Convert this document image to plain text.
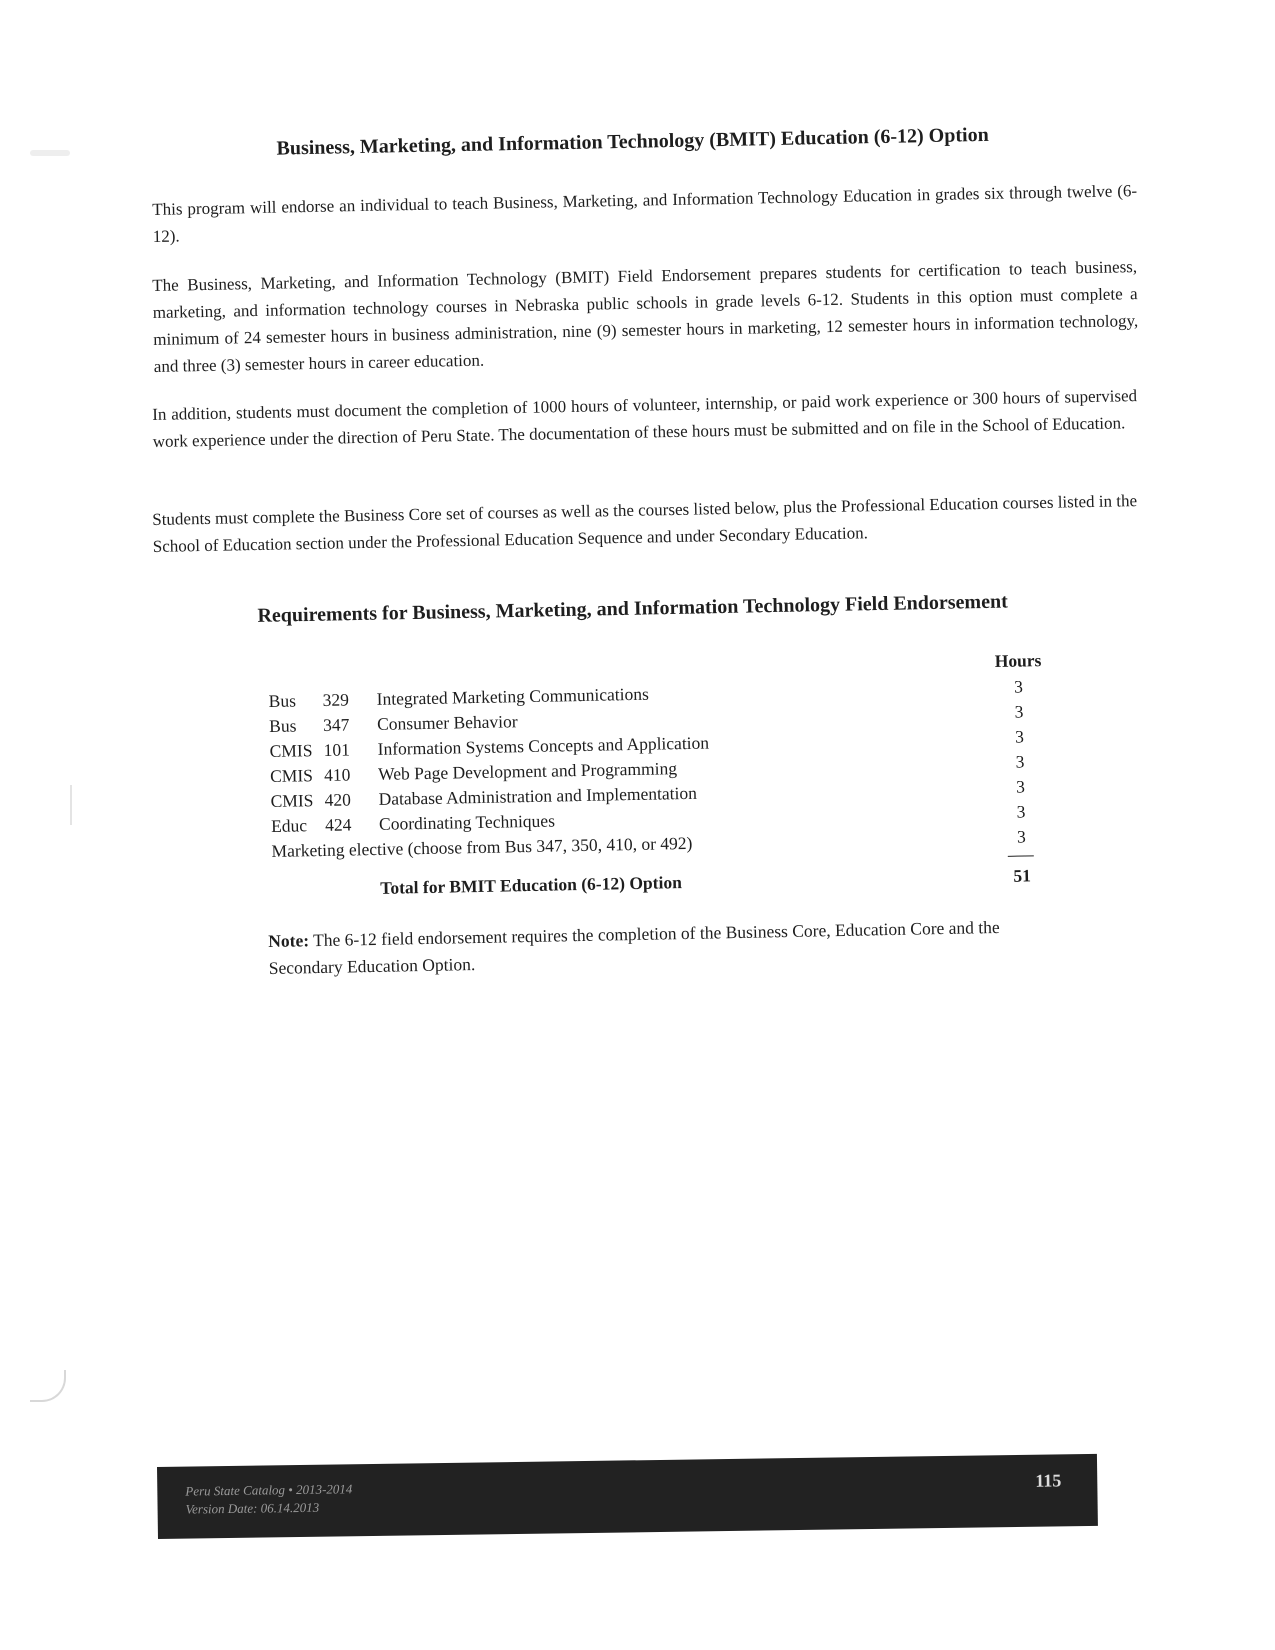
Business, Marketing, and Information Technology (BMIT) Education (6-12) Option

This program will endorse an individual to teach Business, Marketing, and Information Technology Education in grades six through twelve (6-12).

The Business, Marketing, and Information Technology (BMIT) Field Endorsement prepares students for certification to teach business, marketing, and information technology courses in Nebraska public schools in grade levels 6-12. Students in this option must complete a minimum of 24 semester hours in business administration, nine (9) semester hours in marketing, 12 semester hours in information technology, and three (3) semester hours in career education.

In addition, students must document the completion of 1000 hours of volunteer, internship, or paid work experience or 300 hours of supervised work experience under the direction of Peru State. The documentation of these hours must be submitted and on file in the School of Education.

Students must complete the Business Core set of courses as well as the courses listed below, plus the Professional Education courses listed in the School of Education section under the Professional Education Sequence and under Secondary Education.

Requirements for Business, Marketing, and Information Technology Field Endorsement
Hours
Bus	329	Integrated Marketing Communications	3
Bus	347	Consumer Behavior	3
CMIS 101	Information Systems Concepts and Application	3
CMIS 410	Web Page Development and Programming	3
CMIS 420	Database Administration and Implementation	3
Educ	424	Coordinating Techniques	3
Marketing elective (choose from Bus 347, 350, 410, or 492)	3
Total for BMIT Education (6-12) Option	51

Note: The 6-12 field endorsement requires the completion of the Business Core, Education Core and the Secondary Education Option.

Peru State Catalog • 2013-2014
Version Date: 06.14.2013
115
